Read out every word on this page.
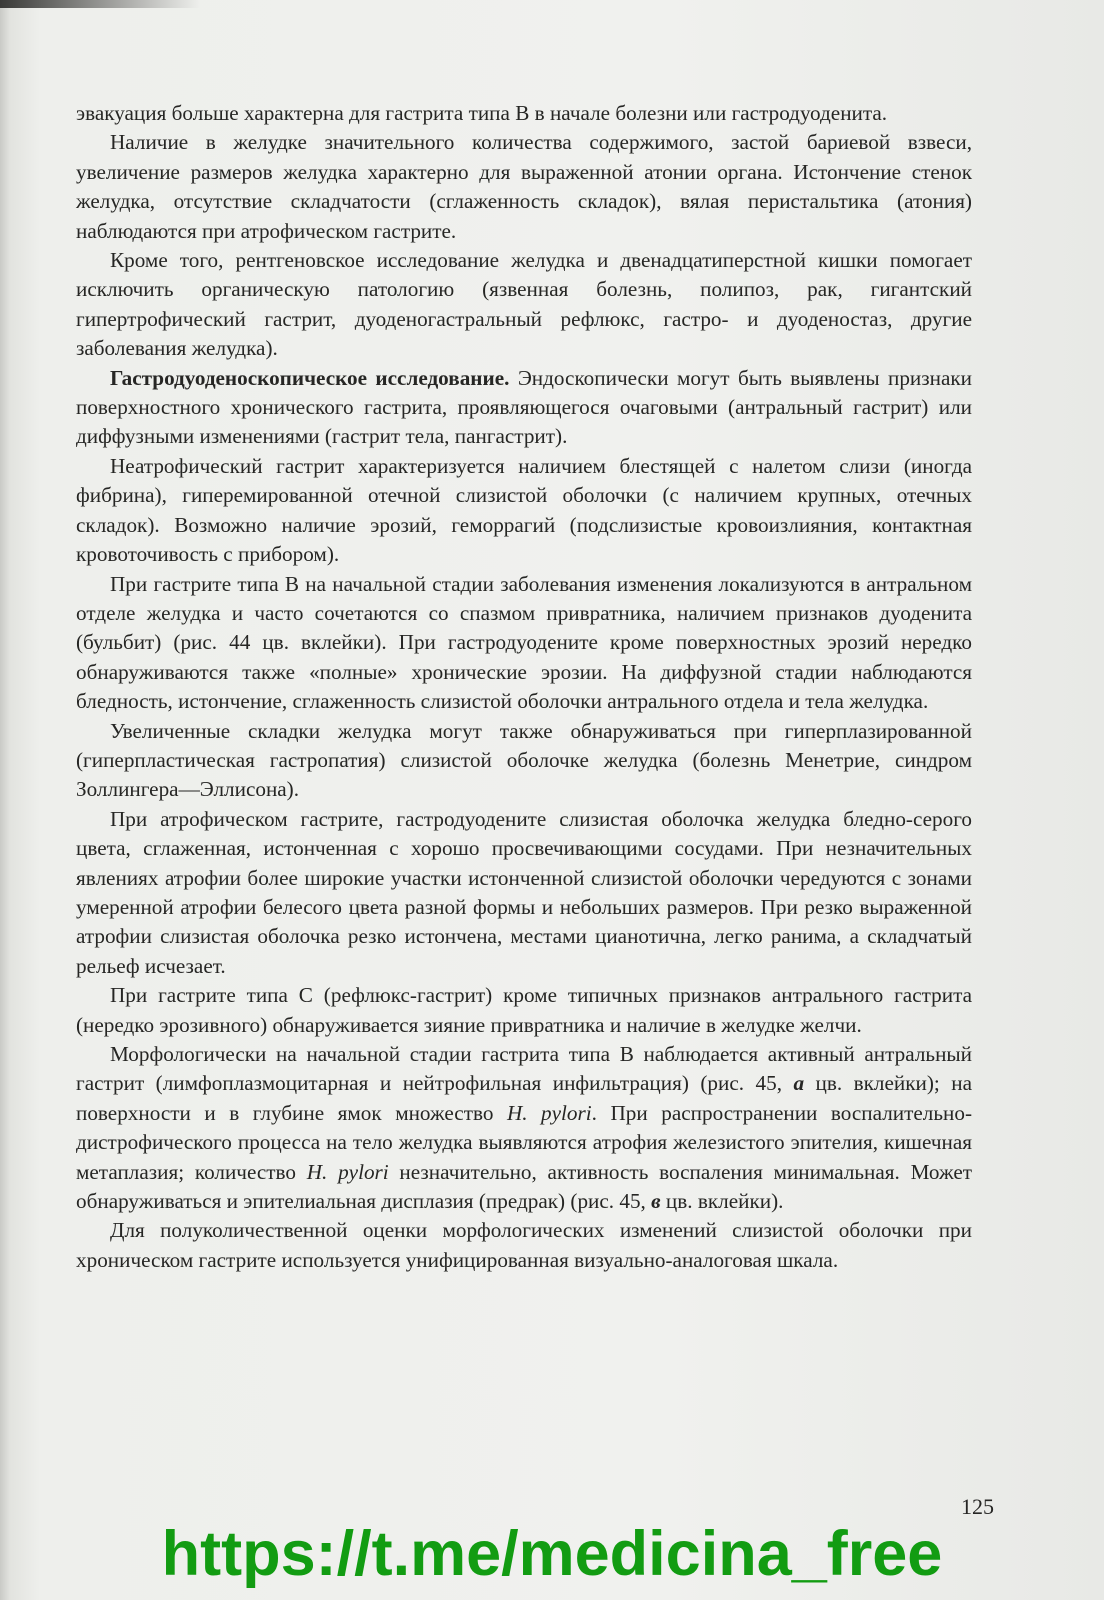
эвакуация больше характерна для гастрита типа В в начале болезни или гастродуоденита.

Наличие в желудке значительного количества содержимого, застой бариевой взвеси, увеличение размеров желудка характерно для выраженной атонии органа. Истончение стенок желудка, отсутствие складчатости (сглаженность складок), вялая перистальтика (атония) наблюдаются при атрофическом гастрите.

Кроме того, рентгеновское исследование желудка и двенадцатиперстной кишки помогает исключить органическую патологию (язвенная болезнь, полипоз, рак, гигантский гипертрофический гастрит, дуоденогастральный рефлюкс, гастро- и дуоденостаз, другие заболевания желудка).

Гастродуоденоскопическое исследование. Эндоскопически могут быть выявлены признаки поверхностного хронического гастрита, проявляющегося очаговыми (антральный гастрит) или диффузными изменениями (гастрит тела, пангастрит).

Неатрофический гастрит характеризуется наличием блестящей с налетом слизи (иногда фибрина), гиперемированной отечной слизистой оболочки (с наличием крупных, отечных складок). Возможно наличие эрозий, геморрагий (подслизистые кровоизлияния, контактная кровоточивость с прибором).

При гастрите типа В на начальной стадии заболевания изменения локализуются в антральном отделе желудка и часто сочетаются со спазмом привратника, наличием признаков дуоденита (бульбит) (рис. 44 цв. вклейки). При гастродуодените кроме поверхностных эрозий нередко обнаруживаются также «полные» хронические эрозии. На диффузной стадии наблюдаются бледность, истончение, сглаженность слизистой оболочки антрального отдела и тела желудка.

Увеличенные складки желудка могут также обнаруживаться при гиперплазированной (гиперпластическая гастропатия) слизистой оболочке желудка (болезнь Менетрие, синдром Золлингера—Эллисона).

При атрофическом гастрите, гастродуодените слизистая оболочка желудка бледно-серого цвета, сглаженная, истонченная с хорошо просвечивающими сосудами. При незначительных явлениях атрофии более широкие участки истонченной слизистой оболочки чередуются с зонами умеренной атрофии белесого цвета разной формы и небольших размеров. При резко выраженной атрофии слизистая оболочка резко истончена, местами цианотична, легко ранима, а складчатый рельеф исчезает.

При гастрите типа С (рефлюкс-гастрит) кроме типичных признаков антрального гастрита (нередко эрозивного) обнаруживается зияние привратника и наличие в желудке желчи.

Морфологически на начальной стадии гастрита типа В наблюдается активный антральный гастрит (лимфоплазмоцитарная и нейтрофильная инфильтрация) (рис. 45, а цв. вклейки); на поверхности и в глубине ямок множество H. pylori. При распространении воспалительно-дистрофического процесса на тело желудка выявляются атрофия железистого эпителия, кишечная метаплазия; количество H. pylori незначительно, активность воспаления минимальная. Может обнаруживаться и эпителиальная дисплазия (предрак) (рис. 45, в цв. вклейки).

Для полуколичественной оценки морфологических изменений слизистой оболочки при хроническом гастрите используется унифицированная визуально-аналоговая шкала.

125
https://t.me/medicina_free
